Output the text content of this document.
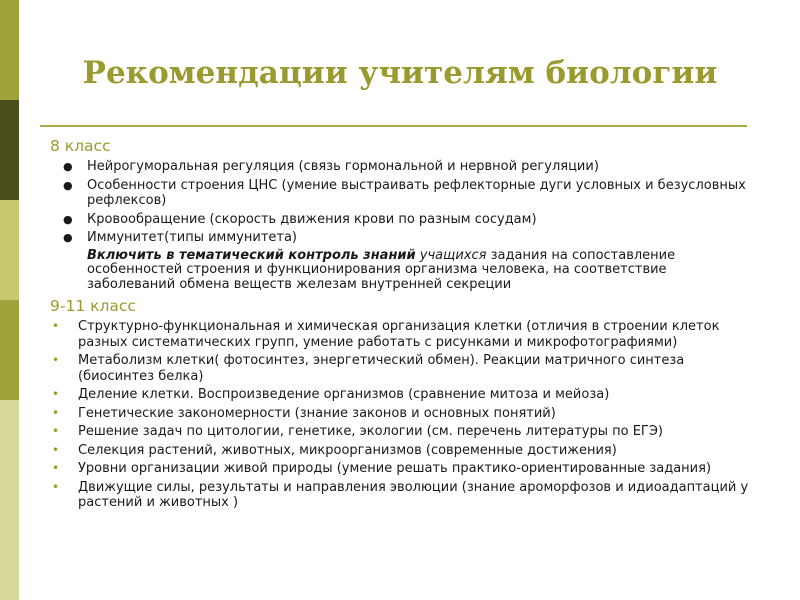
Рекомендации учителям биологии
8 класс
● Нейрогуморальная регуляция (связь гормональной и нервной регуляции)
● Особенности строения ЦНС (умение выстраивать рефлекторные дуги условных и безусловных рефлексов)
● Кровообращение (скорость движения крови по разным сосудам)
● Иммунитет(типы иммунитета)
Включить в тематический контроль знаний учащихся задания на сопоставление особенностей строения и функционирования организма человека, на соответствие заболеваний обмена веществ железам внутренней секреции
9-11 класс
• Структурно-функциональная и химическая организация клетки (отличия в строении клеток разных систематических групп, умение работать с рисунками и микрофотографиями)
• Метаболизм клетки( фотосинтез, энергетический обмен). Реакции матричного синтеза (биосинтез белка)
• Деление клетки. Воспроизведение организмов (сравнение митоза и мейоза)
• Генетические закономерности (знание законов и основных понятий)
• Решение задач по цитологии, генетике, экологии (см. перечень литературы по ЕГЭ)
• Селекция растений, животных, микроорганизмов (современные достижения)
• Уровни организации живой природы (умение решать практико-ориентированные задания)
• Движущие силы, результаты и направления эволюции (знание ароморфозов и идиоадаптаций у растений и животных )
